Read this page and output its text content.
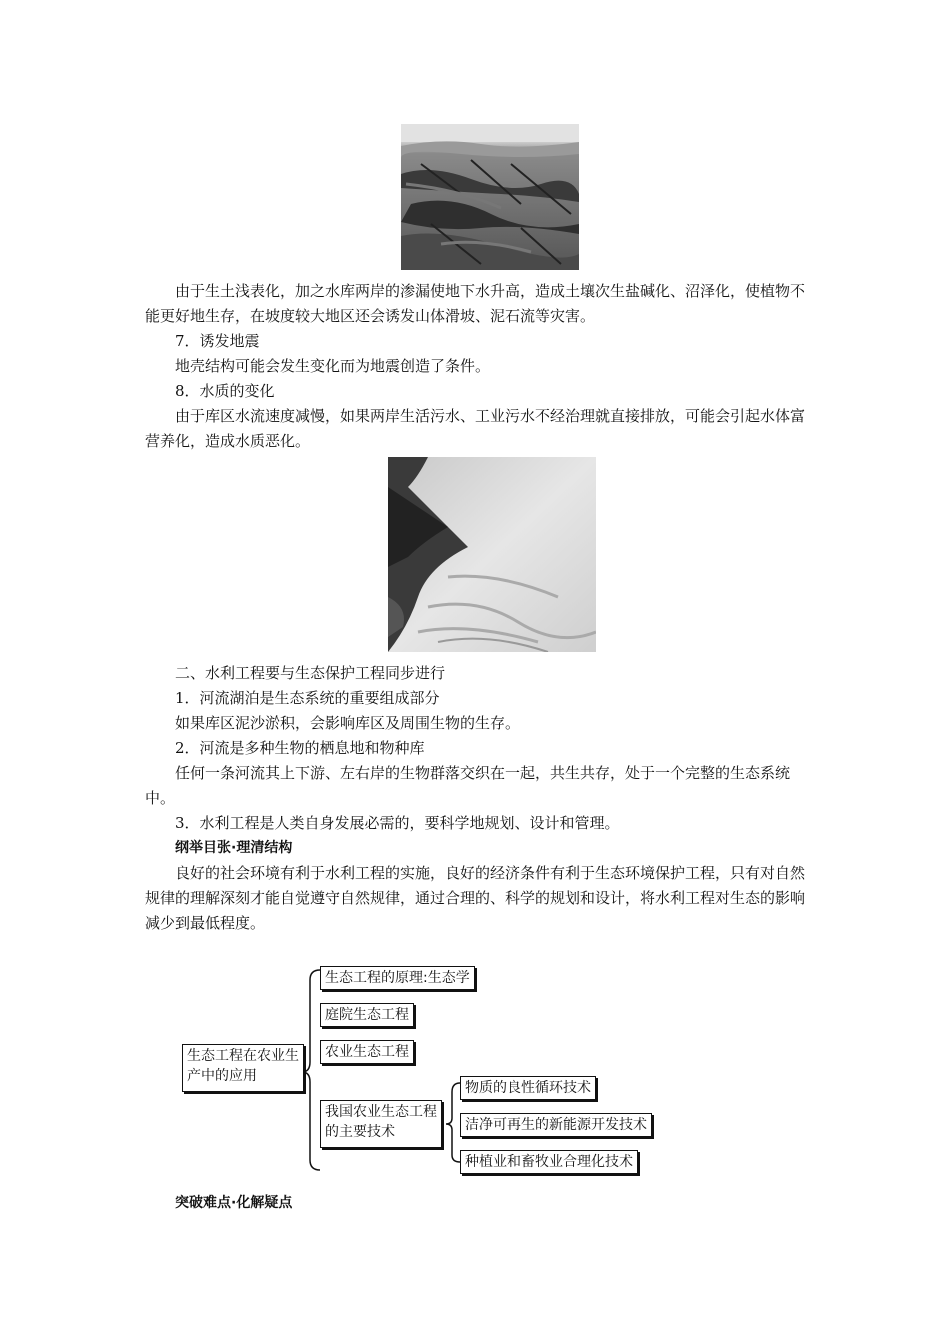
由于生土浅表化，加之水库两岸的渗漏使地下水升高，造成土壤次生盐碱化、沼泽化，使植物不能更好地生存，在坡度较大地区还会诱发山体滑坡、泥石流等灾害。

7．诱发地震

地壳结构可能会发生变化而为地震创造了条件。

8．水质的变化

由于库区水流速度减慢，如果两岸生活污水、工业污水不经治理就直接排放，可能会引起水体富营养化，造成水质恶化。

二、水利工程要与生态保护工程同步进行

1．河流湖泊是生态系统的重要组成部分

如果库区泥沙淤积，会影响库区及周围生物的生存。

2．河流是多种生物的栖息地和物种库

任何一条河流其上下游、左右岸的生物群落交织在一起，共生共存，处于一个完整的生态系统中。

3．水利工程是人类自身发展必需的，要科学地规划、设计和管理。

纲举目张·理清结构

良好的社会环境有利于水利工程的实施，良好的经济条件有利于生态环境保护工程，只有对自然规律的理解深刻才能自觉遵守自然规律，通过合理的、科学的规划和设计，将水利工程对生态的影响减少到最低程度。

生态工程在农业生产中的应用
生态工程的原理:生态学
庭院生态工程
农业生态工程
我国农业生态工程的主要技术
物质的良性循环技术
洁净可再生的新能源开发技术
种植业和畜牧业合理化技术

突破难点·化解疑点
